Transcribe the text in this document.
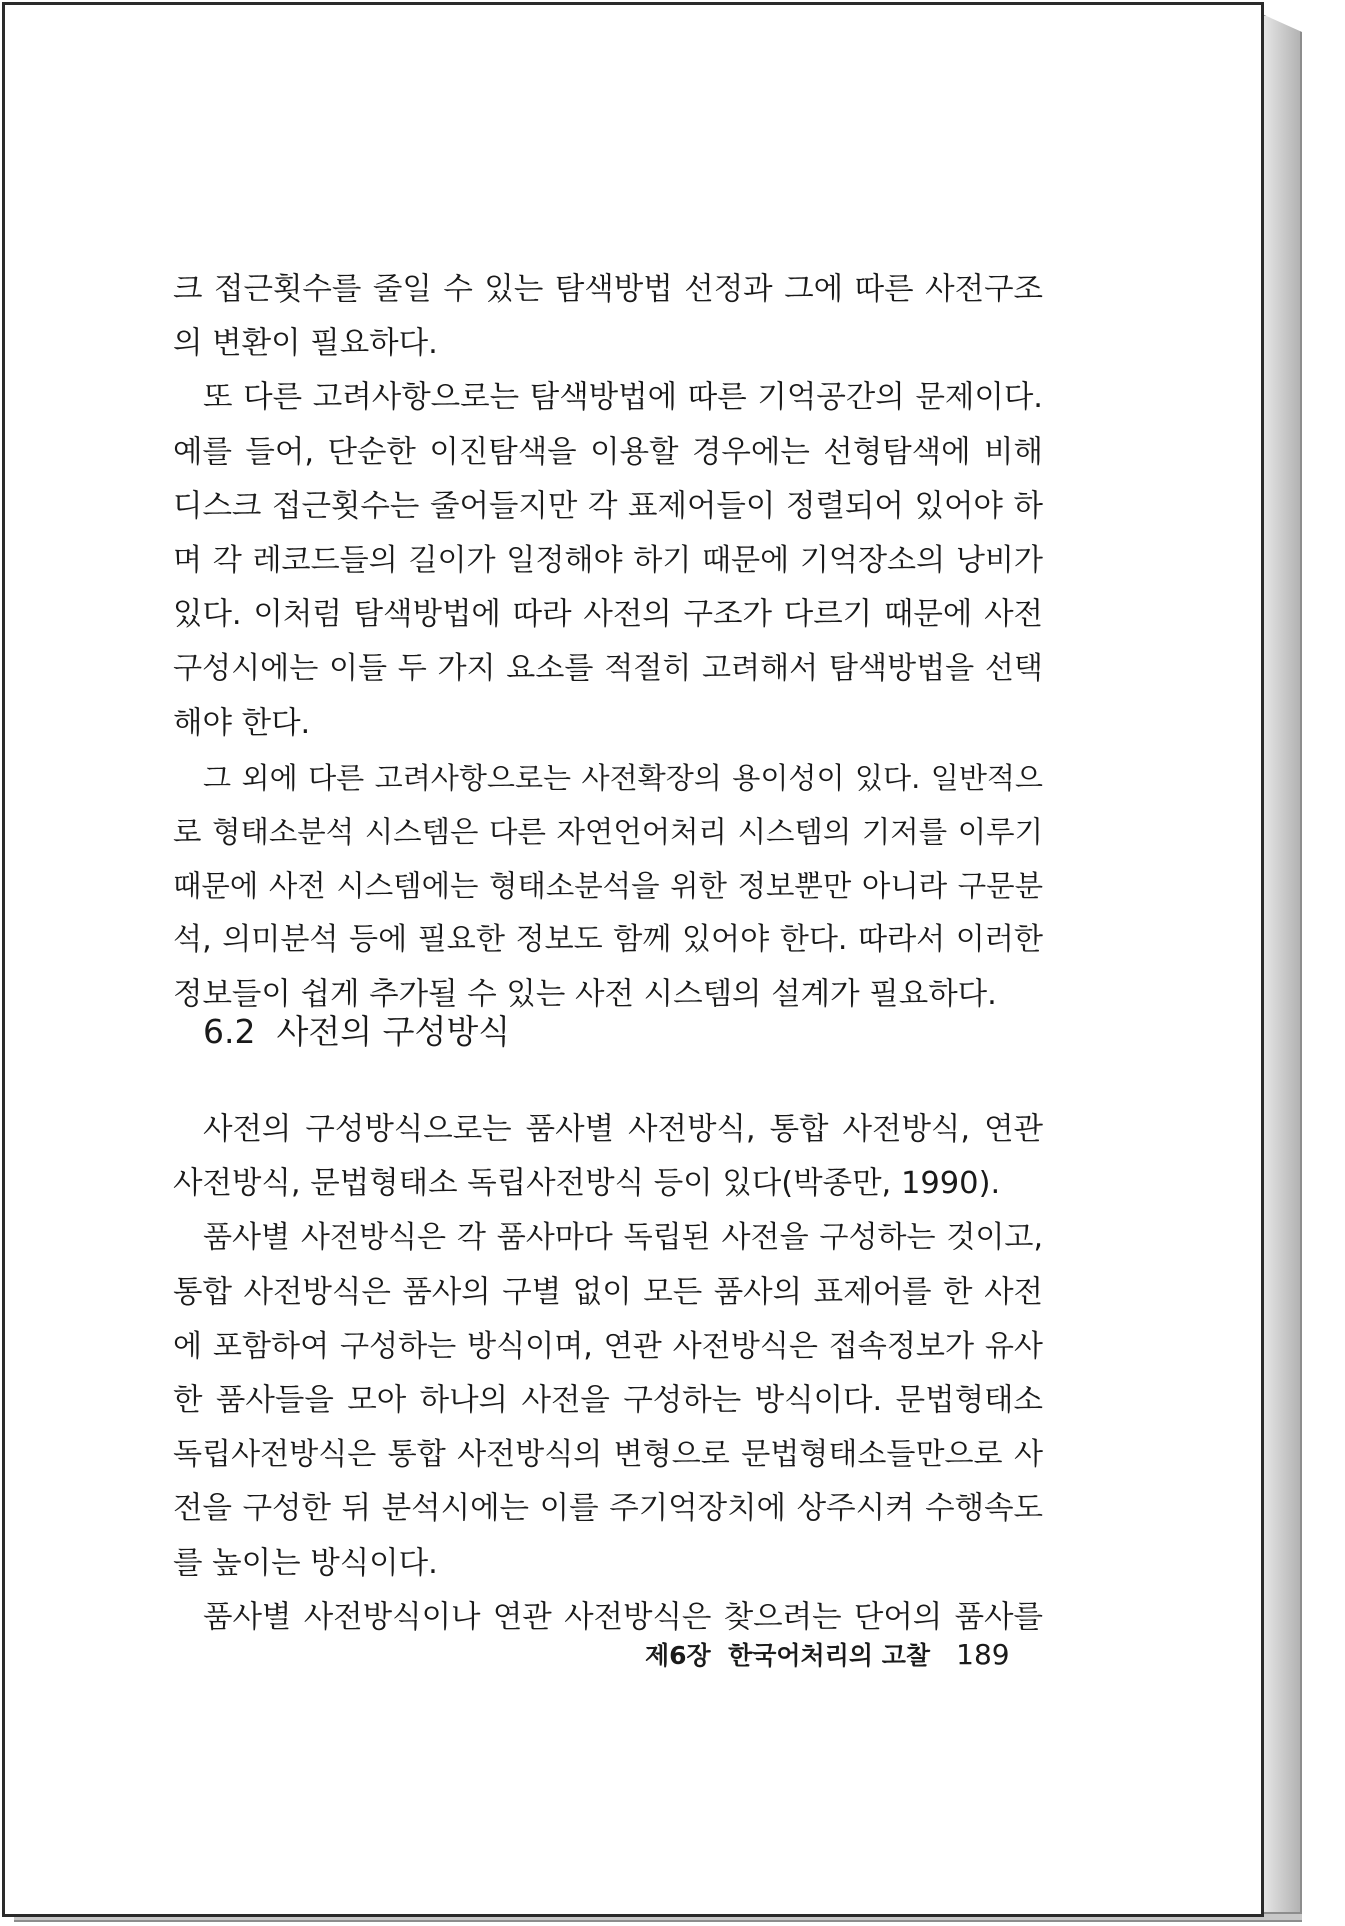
크 접근횟수를 줄일 수 있는 탐색방법 선정과 그에 따른 사전구조
의 변환이 필요하다.
또 다른 고려사항으로는 탐색방법에 따른 기억공간의 문제이다.
예를 들어, 단순한 이진탐색을 이용할 경우에는 선형탐색에 비해
디스크 접근횟수는 줄어들지만 각 표제어들이 정렬되어 있어야 하
며 각 레코드들의 길이가 일정해야 하기 때문에 기억장소의 낭비가
있다. 이처럼 탐색방법에 따라 사전의 구조가 다르기 때문에 사전
구성시에는 이들 두 가지 요소를 적절히 고려해서 탐색방법을 선택
해야 한다.
그 외에 다른 고려사항으로는 사전확장의 용이성이 있다. 일반적으
로 형태소분석 시스템은 다른 자연언어처리 시스템의 기저를 이루기
때문에 사전 시스템에는 형태소분석을 위한 정보뿐만 아니라 구문분
석, 의미분석 등에 필요한 정보도 함께 있어야 한다. 따라서 이러한
정보들이 쉽게 추가될 수 있는 사전 시스템의 설계가 필요하다.
6.2  사전의 구성방식
사전의 구성방식으로는 품사별 사전방식, 통합 사전방식, 연관
사전방식, 문법형태소 독립사전방식 등이 있다(박종만, 1990).
품사별 사전방식은 각 품사마다 독립된 사전을 구성하는 것이고,
통합 사전방식은 품사의 구별 없이 모든 품사의 표제어를 한 사전
에 포함하여 구성하는 방식이며, 연관 사전방식은 접속정보가 유사
한 품사들을 모아 하나의 사전을 구성하는 방식이다. 문법형태소
독립사전방식은 통합 사전방식의 변형으로 문법형태소들만으로 사
전을 구성한 뒤 분석시에는 이를 주기억장치에 상주시켜 수행속도
를 높이는 방식이다.
품사별 사전방식이나 연관 사전방식은 찾으려는 단어의 품사를
제6장  한국어처리의 고찰 189
